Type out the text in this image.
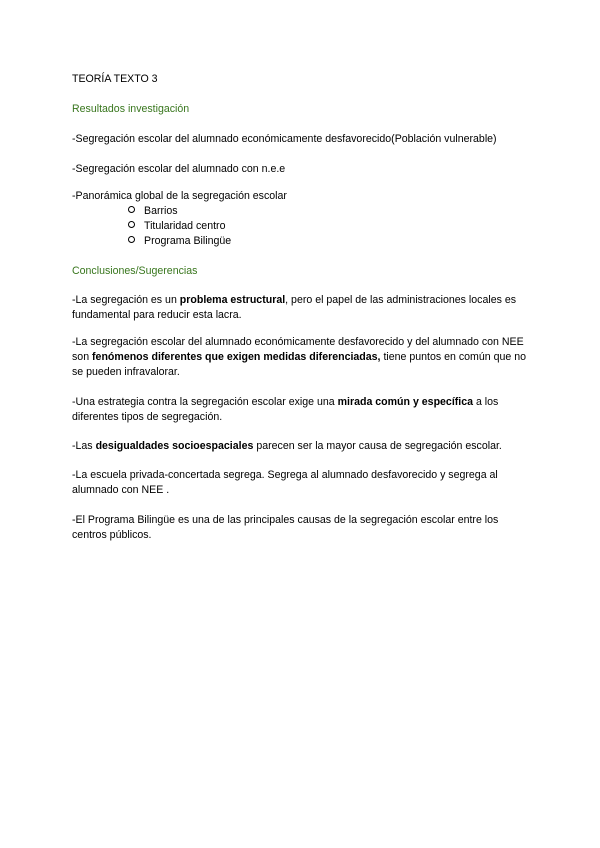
TEORÍA TEXTO 3
Resultados investigación
-Segregación escolar del alumnado económicamente desfavorecido(Población vulnerable)
-Segregación escolar del alumnado con n.e.e
-Panorámica global de la segregación escolar
Barrios
Titularidad centro
Programa Bilingüe
Conclusiones/Sugerencias
-La segregación es un problema estructural, pero el papel de las administraciones locales es fundamental para reducir esta lacra.
-La segregación escolar del alumnado económicamente desfavorecido y del alumnado con NEE son fenómenos diferentes que exigen medidas diferenciadas, tiene puntos en común que no se pueden infravalorar.
-Una estrategia contra la segregación escolar exige una mirada común y específica a los diferentes tipos de segregación.
-Las desigualdades socioespaciales parecen ser la mayor causa de segregación escolar.
-La escuela privada-concertada segrega. Segrega al alumnado desfavorecido y segrega al alumnado con NEE .
-El Programa Bilingüe es una de las principales causas de la segregación escolar entre los centros públicos.
